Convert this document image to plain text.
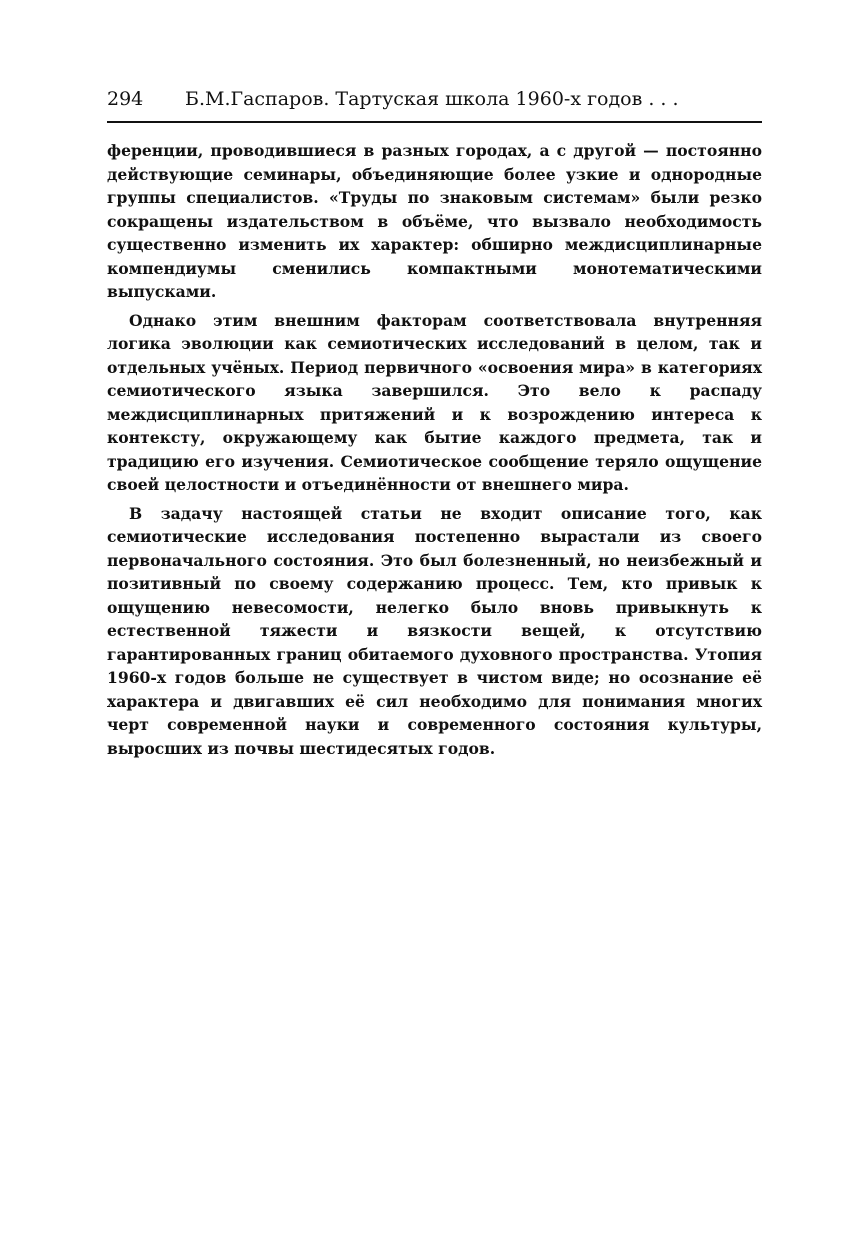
294	Б.М.Гаспаров. Тартуская школа 1960-х годов . . .

ференции, проводившиеся в разных городах, а с другой — постоянно действующие семинары, объединяющие более узкие и однородные группы специалистов. «Труды по знаковым системам» были резко сокращены издательством в объёме, что вызвало необходимость существенно изменить их характер: обширно междисциплинарные компендиумы сменились компактными монотематическими выпусками.

Однако этим внешним факторам соответствовала внутренняя логика эволюции как семиотических исследований в целом, так и отдельных учёных. Период первичного «освоения мира» в категориях семиотического языка завершился. Это вело к распаду междисциплинарных притяжений и к возрождению интереса к контексту, окружающему как бытие каждого предмета, так и традицию его изучения. Семиотическое сообщение теряло ощущение своей целостности и отъединённости от внешнего мира.

В задачу настоящей статьи не входит описание того, как семиотические исследования постепенно вырастали из своего первоначального состояния. Это был болезненный, но неизбежный и позитивный по своему содержанию процесс. Тем, кто привык к ощущению невесомости, нелегко было вновь привыкнуть к естественной тяжести и вязкости вещей, к отсутствию гарантированных границ обитаемого духовного пространства. Утопия 1960-х годов больше не существует в чистом виде; но осознание её характера и двигавших её сил необходимо для понимания многих черт современной науки и современного состояния культуры, выросших из почвы шестидесятых годов.
